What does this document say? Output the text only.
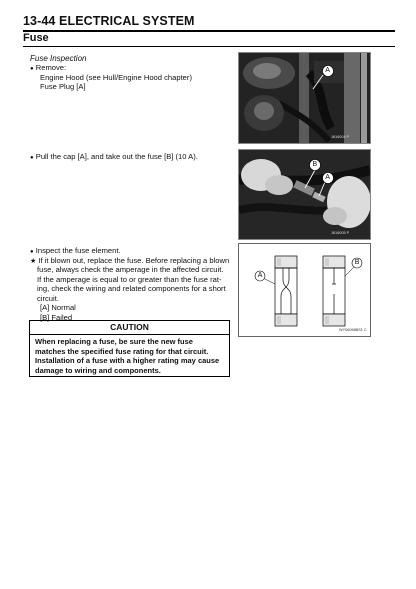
13-44 ELECTRICAL SYSTEM
Fuse
Fuse Inspection
● Remove:
Engine Hood (see Hull/Engine Hood chapter)
Fuse Plug [A]
A
J616004 P
● Pull the cap [A], and take out the fuse [B] (10 A).
B
A
J616005 P
● Inspect the fuse element.
★ If it blown out, replace the fuse. Before replacing a blown
fuse, always check the amperage in the affected circuit.
If the amperage is equal to or greater than the fuse rat-
ing, check the wiring and related components for a short
circuit.
[A] Normal
[B] Failed
A
B
WY06068BS1 C
CAUTION
When replacing a fuse, be sure the new fuse
matches the specified fuse rating for that circuit.
Installation of a fuse with a higher rating may cause
damage to wiring and components.
